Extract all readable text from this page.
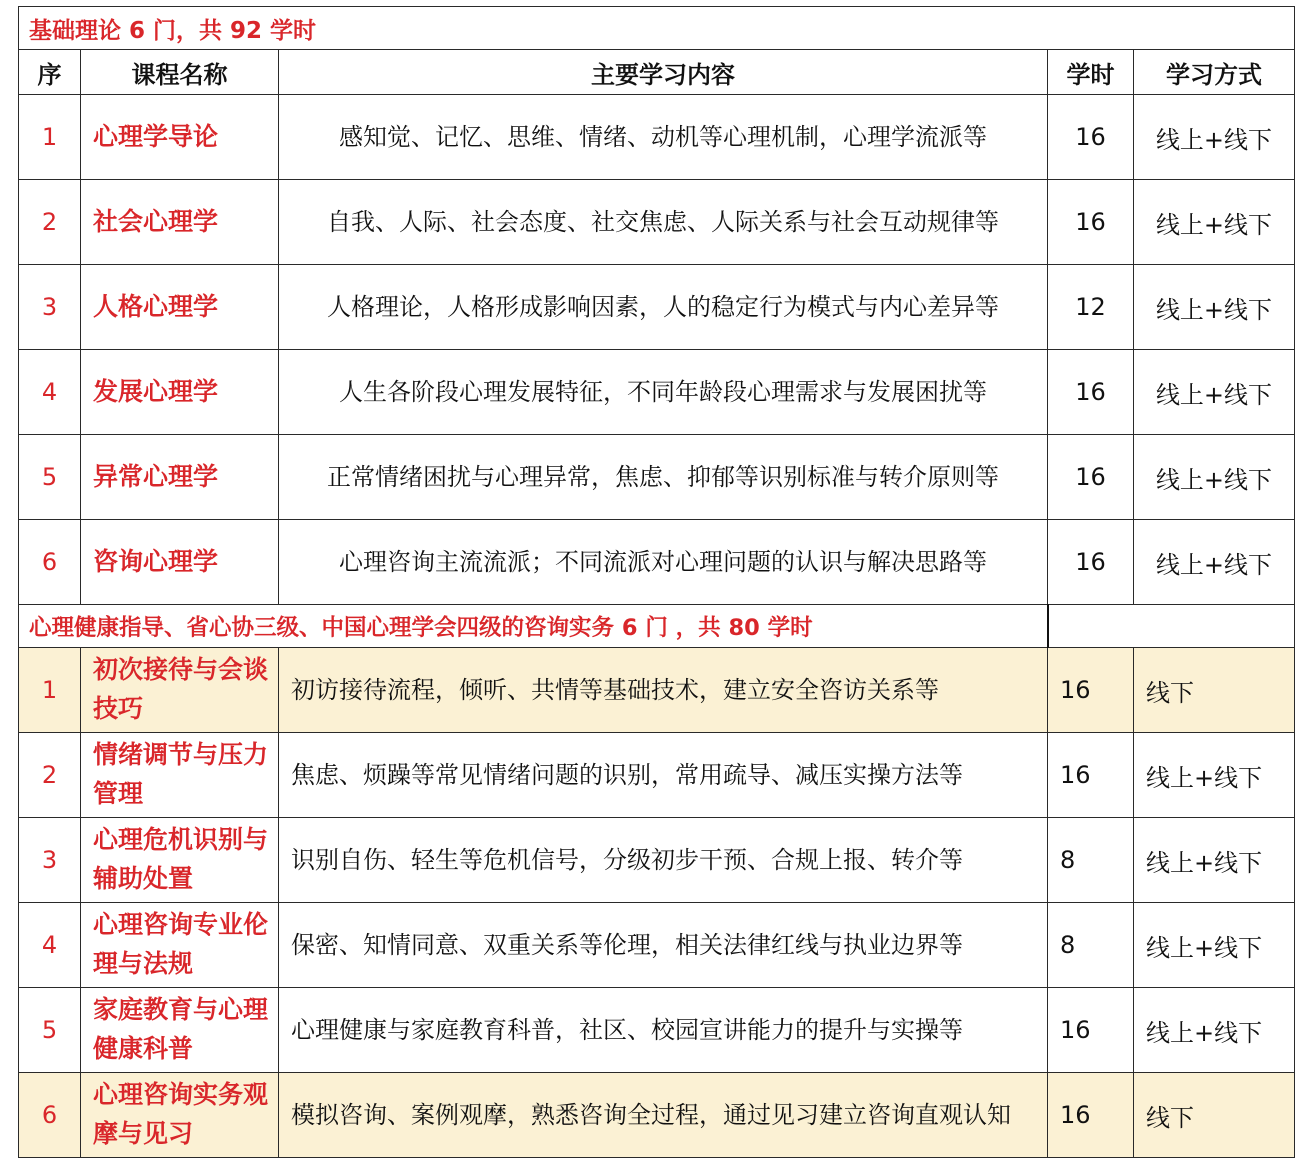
基础理论 6 门，共 92 学时				
序	课程名称	主要学习内容	学时	学习方式
1	心理学导论	感知觉、记忆、思维、情绪、动机等心理机制，心理学流派等	16	线上+线下
2	社会心理学	自我、人际、社会态度、社交焦虑、人际关系与社会互动规律等	16	线上+线下
3	人格心理学	人格理论，人格形成影响因素，人的稳定行为模式与内心差异等	12	线上+线下
4	发展心理学	人生各阶段心理发展特征，不同年龄段心理需求与发展困扰等	16	线上+线下
5	异常心理学	正常情绪困扰与心理异常，焦虑、抑郁等识别标准与转介原则等	16	线上+线下
6	咨询心理学	心理咨询主流流派；不同流派对心理问题的认识与解决思路等	16	线上+线下
心理健康指导、省心协三级、中国心理学会四级的咨询实务 6 门 ，共 80 学时				
1	初次接待与会谈技巧	初访接待流程，倾听、共情等基础技术，建立安全咨访关系等	16	线下
2	情绪调节与压力管理	焦虑、烦躁等常见情绪问题的识别，常用疏导、减压实操方法等	16	线上+线下
3	心理危机识别与辅助处置	识别自伤、轻生等危机信号，分级初步干预、合规上报、转介等	8	线上+线下
4	心理咨询专业伦理与法规	保密、知情同意、双重关系等伦理，相关法律红线与执业边界等	8	线上+线下
5	家庭教育与心理健康科普	心理健康与家庭教育科普，社区、校园宣讲能力的提升与实操等	16	线上+线下
6	心理咨询实务观摩与见习	模拟咨询、案例观摩，熟悉咨询全过程，通过见习建立咨询直观认知	16	线下
